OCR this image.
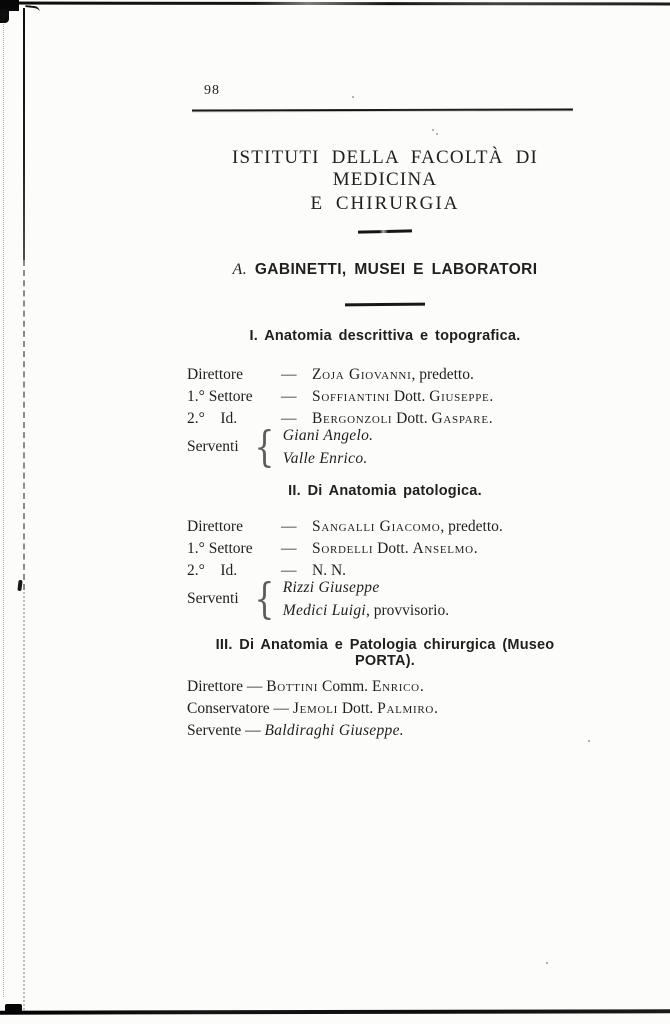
98
ISTITUTI DELLA FACOLTÀ DI MEDICINA
E CHIRURGIA
A. GABINETTI, MUSEI E LABORATORI
I. Anatomia descrittiva e topografica.
Direttore	—	Zoja Giovanni, predetto.
1.° Settore	—	Soffiantini Dott. Giuseppe.
2.°    Id.	—	Bergonzoli Dott. Gaspare.
Serventi { Giani Angelo.
Valle Enrico.
II. Di Anatomia patologica.
Direttore	—	Sangalli Giacomo, predetto.
1.° Settore	—	Sordelli Dott. Anselmo.
2.°    Id.	—	N. N.
Serventi { Rizzi Giuseppe
Medici Luigi, provvisorio.
III. Di Anatomia e Patologia chirurgica (Museo PORTA).
Direttore — Bottini Comm. Enrico.
Conservatore — Jemoli Dott. Palmiro.
Servente — Baldiraghi Giuseppe.
